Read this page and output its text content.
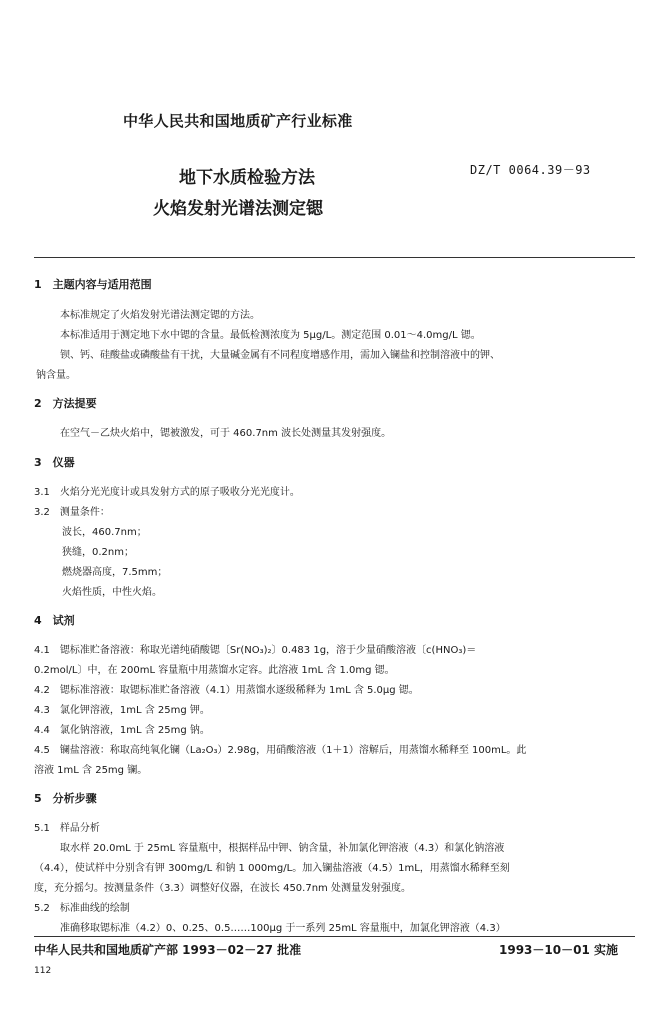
中华人民共和国地质矿产行业标准
地下水质检验方法
火焰发射光谱法测定锶
DZ/T 0064.39－93
1　主题内容与适用范围
本标准规定了火焰发射光谱法测定锶的方法。
本标准适用于测定地下水中锶的含量。最低检测浓度为 5μg/L。测定范围 0.01～4.0mg/L 锶。
钡、钙、硅酸盐或磷酸盐有干扰，大量碱金属有不同程度增感作用，需加入镧盐和控制溶液中的钾、
钠含量。
2　方法提要
在空气－乙炔火焰中，锶被激发，可于 460.7nm 波长处测量其发射强度。
3　仪器
3.1　火焰分光光度计或具发射方式的原子吸收分光光度计。
3.2　测量条件：
波长，460.7nm；
狭缝，0.2nm；
燃烧器高度，7.5mm；
火焰性质，中性火焰。
4　试剂
4.1　锶标准贮备溶液：称取光谱纯硝酸锶〔Sr(NO₃)₂〕0.483 1g，溶于少量硝酸溶液〔c(HNO₃)＝
0.2mol/L〕中，在 200mL 容量瓶中用蒸馏水定容。此溶液 1mL 含 1.0mg 锶。
4.2　锶标准溶液：取锶标准贮备溶液（4.1）用蒸馏水逐级稀释为 1mL 含 5.0μg 锶。
4.3　氯化钾溶液，1mL 含 25mg 钾。
4.4　氯化钠溶液，1mL 含 25mg 钠。
4.5　镧盐溶液：称取高纯氧化镧（La₂O₃）2.98g，用硝酸溶液（1＋1）溶解后，用蒸馏水稀释至 100mL。此
溶液 1mL 含 25mg 镧。
5　分析步骤
5.1　样品分析
取水样 20.0mL 于 25mL 容量瓶中，根据样品中钾、钠含量，补加氯化钾溶液（4.3）和氯化钠溶液
（4.4），使试样中分别含有钾 300mg/L 和钠 1 000mg/L。加入镧盐溶液（4.5）1mL，用蒸馏水稀释至刻
度，充分摇匀。按测量条件（3.3）调整好仪器，在波长 450.7nm 处测量发射强度。
5.2　标准曲线的绘制
准确移取锶标准（4.2）0、0.25、0.5……100μg 于一系列 25mL 容量瓶中，加氯化钾溶液（4.3）
中华人民共和国地质矿产部 1993－02－27 批准	1993－10－01 实施
112
